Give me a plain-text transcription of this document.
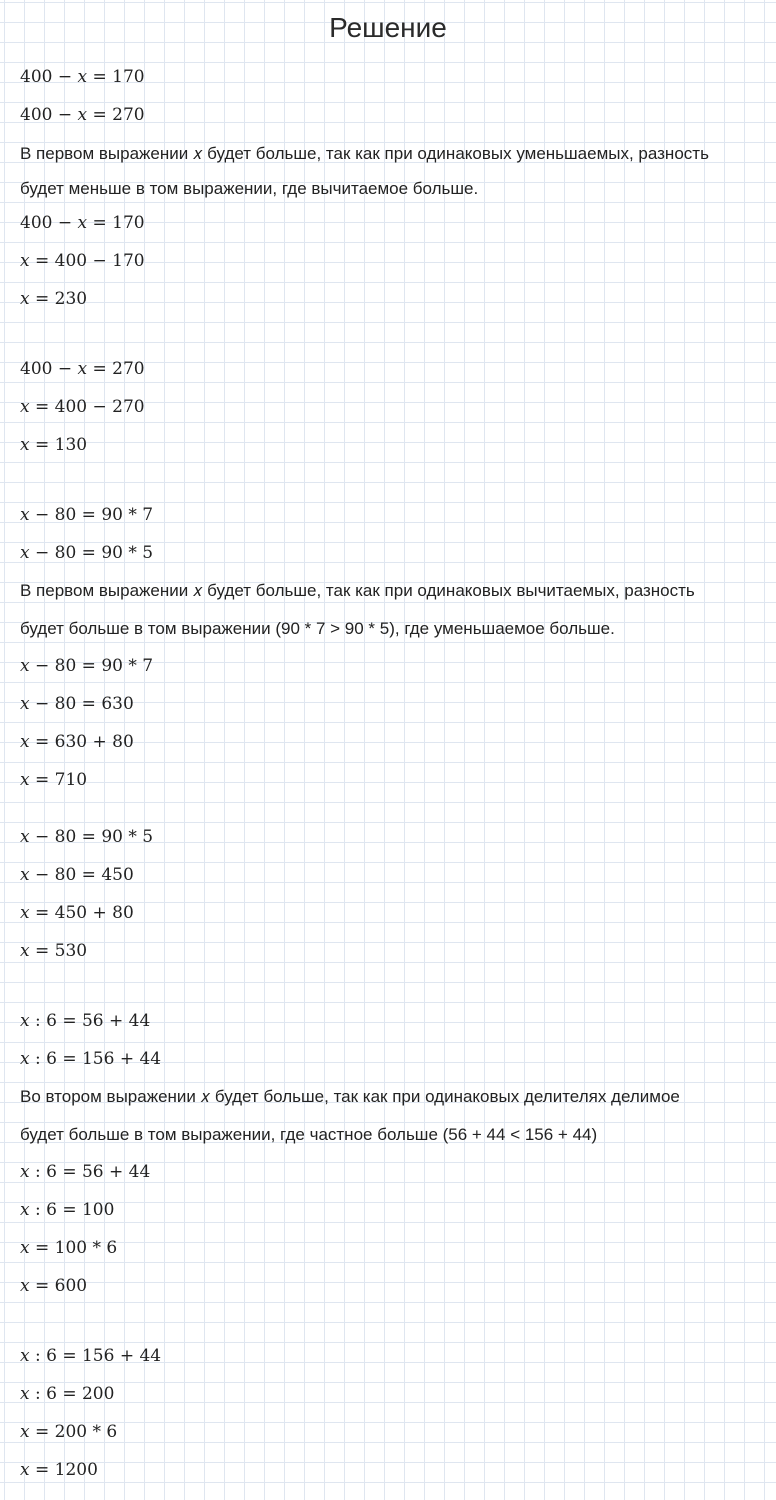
Решение
400 − 𝑥 = 170
400 − 𝑥 = 270
В первом выражении 𝑥 будет больше, так как при одинаковых уменьшаемых, разность
будет меньше в том выражении, где вычитаемое больше.
400 − 𝑥 = 170
𝑥 = 400 − 170
𝑥 = 230
400 − 𝑥 = 270
𝑥 = 400 − 270
𝑥 = 130
𝑥 − 80 = 90 * 7
𝑥 − 80 = 90 * 5
В первом выражении 𝑥 будет больше, так как при одинаковых вычитаемых, разность
будет больше в том выражении (90 * 7 > 90 * 5), где уменьшаемое больше.
𝑥 − 80 = 90 * 7
𝑥 − 80 = 630
𝑥 = 630 + 80
𝑥 = 710
𝑥 − 80 = 90 * 5
𝑥 − 80 = 450
𝑥 = 450 + 80
𝑥 = 530
𝑥 : 6 = 56 + 44
𝑥 : 6 = 156 + 44
Во втором выражении 𝑥 будет больше, так как при одинаковых делителях делимое
будет больше в том выражении, где частное больше (56 + 44 < 156 + 44)
𝑥 : 6 = 56 + 44
𝑥 : 6 = 100
𝑥 = 100 * 6
𝑥 = 600
𝑥 : 6 = 156 + 44
𝑥 : 6 = 200
𝑥 = 200 * 6
𝑥 = 1200
